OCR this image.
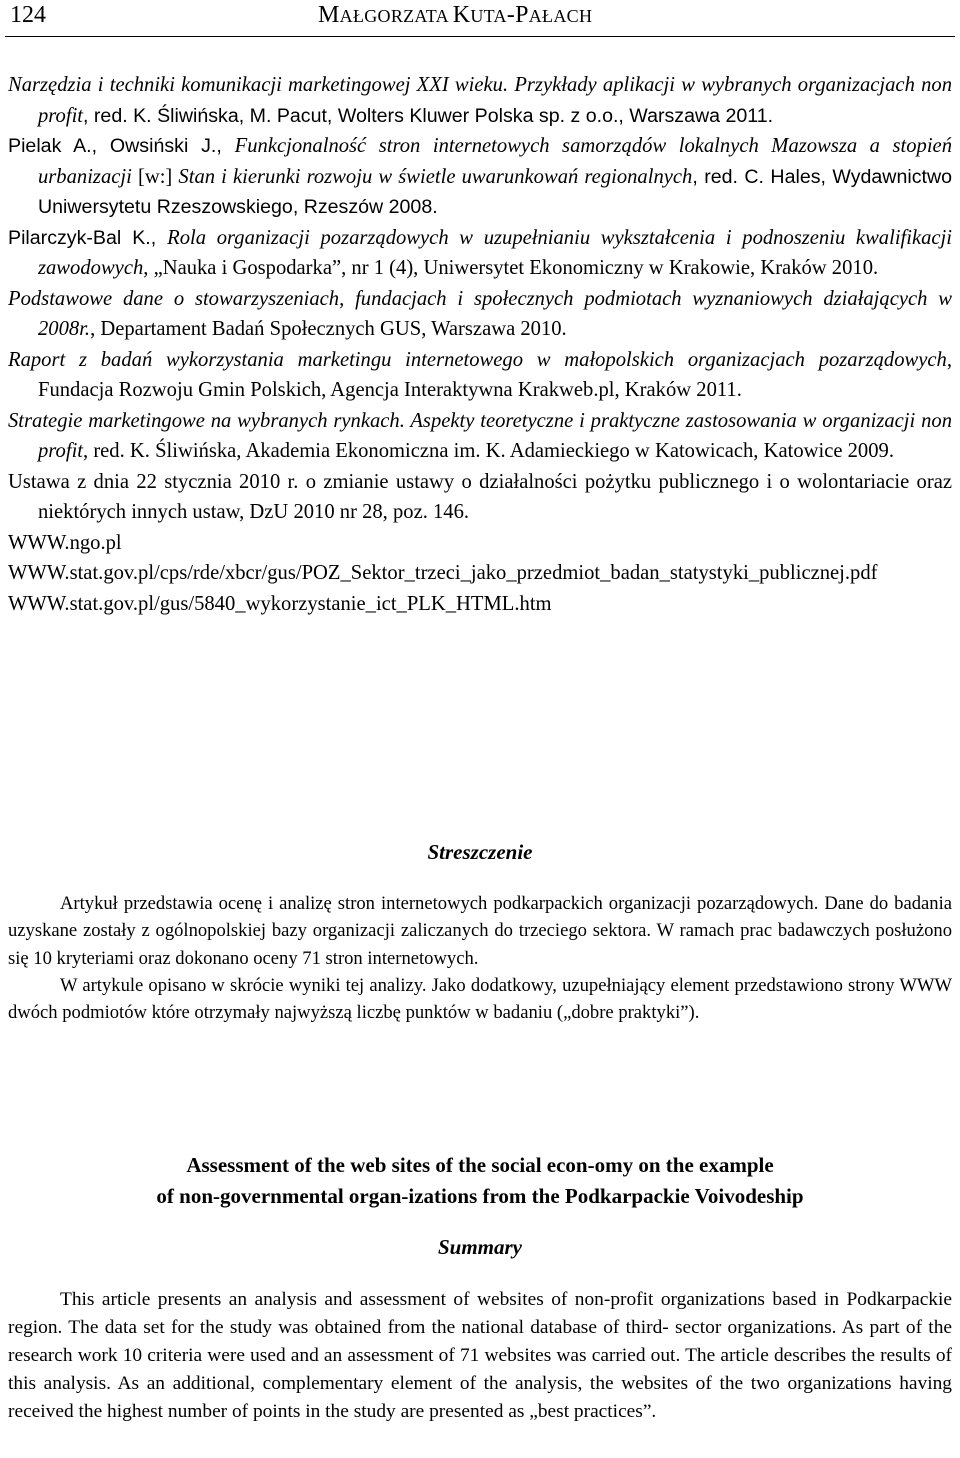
124	MAŁGORZATA KUTA-PAŁACH

Narzędzia i techniki komunikacji marketingowej XXI wieku. Przykłady aplikacji w wybranych organizacjach non profit, red. K. Śliwińska, M. Pacut, Wolters Kluwer Polska sp. z o.o., Warszawa 2011.

Pielak A., Owsiński J., Funkcjonalność stron internetowych samorządów lokalnych Mazowsza a stopień urbanizacji [w:] Stan i kierunki rozwoju w świetle uwarunkowań regionalnych, red. C. Hales, Wydawnictwo Uniwersytetu Rzeszowskiego, Rzeszów 2008.

Pilarczyk-Bal K., Rola organizacji pozarządowych w uzupełnianiu wykształcenia i podnoszeniu kwalifikacji zawodowych, „Nauka i Gospodarka”, nr 1 (4), Uniwersytet Ekonomiczny w Krakowie, Kraków 2010.

Podstawowe dane o stowarzyszeniach, fundacjach i społecznych podmiotach wyznaniowych działających w 2008r., Departament Badań Społecznych GUS, Warszawa 2010.

Raport z badań wykorzystania marketingu internetowego w małopolskich organizacjach pozarządowych, Fundacja Rozwoju Gmin Polskich, Agencja Interaktywna Krakweb.pl, Kraków 2011.

Strategie marketingowe na wybranych rynkach. Aspekty teoretyczne i praktyczne zastosowania w organizacji non profit, red. K. Śliwińska, Akademia Ekonomiczna im. K. Adamieckiego w Katowicach, Katowice 2009.

Ustawa z dnia 22 stycznia 2010 r. o zmianie ustawy o działalności pożytku publicznego i o wolontariacie oraz niektórych innych ustaw, DzU 2010 nr 28, poz. 146.

WWW.ngo.pl

WWW.stat.gov.pl/cps/rde/xbcr/gus/POZ_Sektor_trzeci_jako_przedmiot_badan_statystyki_publicznej.pdf

WWW.stat.gov.pl/gus/5840_wykorzystanie_ict_PLK_HTML.htm

Streszczenie

Artykuł przedstawia ocenę i analizę stron internetowych podkarpackich organizacji pozarządowych. Dane do badania uzyskane zostały z ogólnopolskiej bazy organizacji zaliczanych do trzeciego sektora. W ramach prac badawczych posłużono się 10 kryteriami oraz dokonano oceny 71 stron internetowych.

W artykule opisano w skrócie wyniki tej analizy. Jako dodatkowy, uzupełniający element przedstawiono strony WWW dwóch podmiotów które otrzymały najwyższą liczbę punktów w badaniu („dobre praktyki”).

Assessment of the web sites of the social econ-omy on the example
of non-governmental organ-izations from the Podkarpackie Voivodeship
Summary

This article presents an analysis and assessment of websites of non-profit organizations based in Podkarpackie region. The data set for the study was obtained from the national database of third- sector organizations. As part of the research work 10 criteria were used and an assessment of 71 websites was carried out. The article describes the results of this analysis. As an additional, complementary element of the analysis, the websites of the two organizations having received the highest number of points in the study are presented as „best practices”.
